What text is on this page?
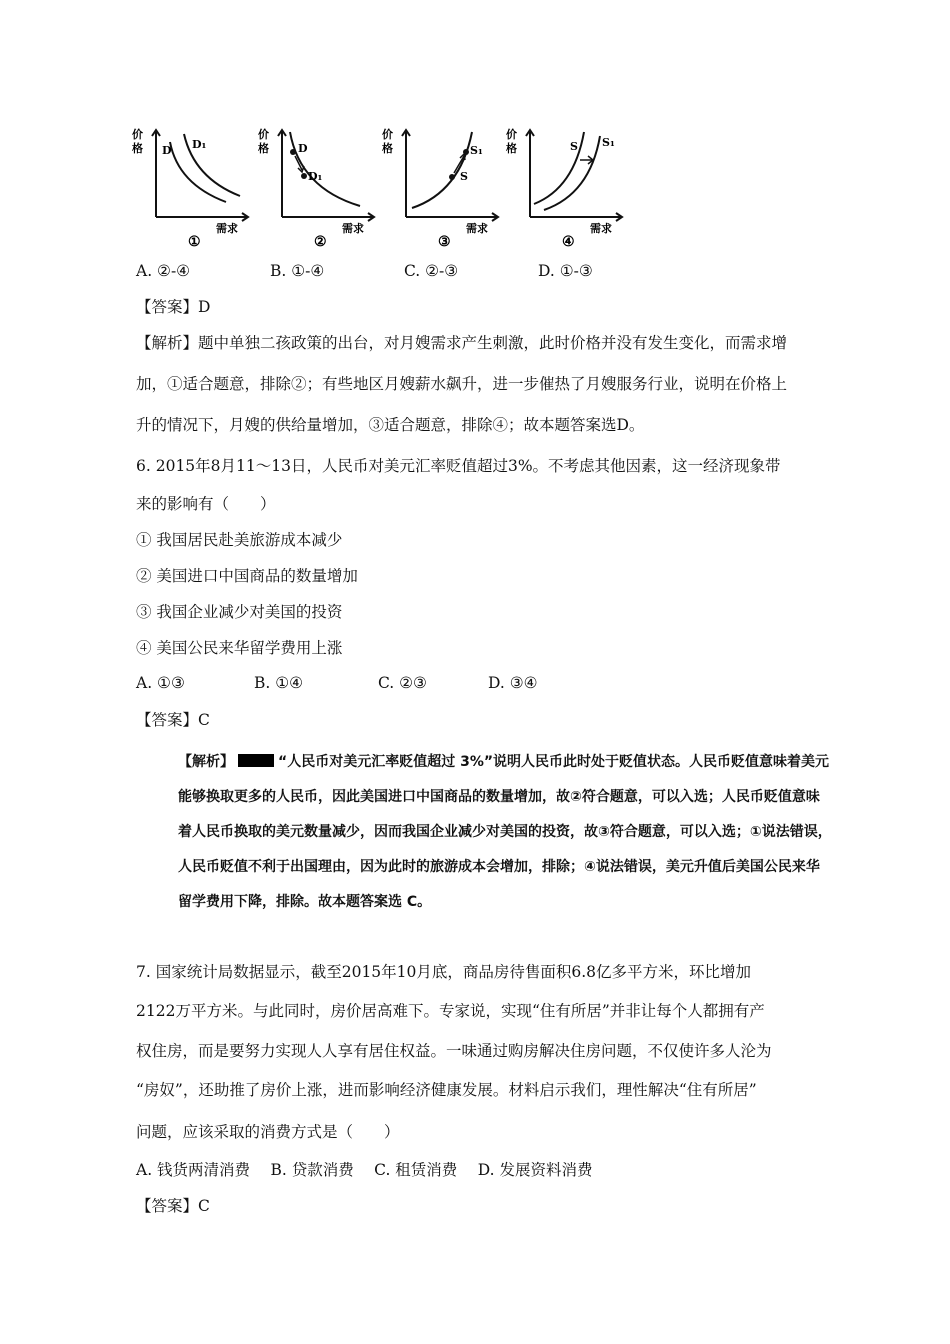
价
格 D D₁
需求
①
价
格	D
D₁
需求
②
价
格	S₁
S
需求
③
价
格	S S₁
需求
④
A. ②-④	B. ①-④	C. ②-③	D. ①-③
【答案】D
【解析】题中单独二孩政策的出台，对月嫂需求产生刺激，此时价格并没有发生变化，而需求增
加，①适合题意，排除②；有些地区月嫂薪水飙升，进一步催热了月嫂服务行业，说明在价格上
升的情况下，月嫂的供给量增加，③适合题意，排除④；故本题答案选D。
6. 2015年8月11～13日，人民币对美元汇率贬值超过3%。不考虑其他因素，这一经济现象带
来的影响有（　　）
① 我国居民赴美旅游成本减少
② 美国进口中国商品的数量增加
③ 我国企业减少对美国的投资
④ 美国公民来华留学费用上涨
A. ①③	B. ①④	C. ②③	D. ③④
【答案】C
【解析】	“人民币对美元汇率贬值超过 3%”说明人民币此时处于贬值状态。人民币贬值意味着美元
能够换取更多的人民币，因此美国进口中国商品的数量增加，故②符合题意，可以入选；人民币贬值意味
着人民币换取的美元数量减少，因而我国企业减少对美国的投资，故③符合题意，可以入选；①说法错误，
人民币贬值不利于出国理由，因为此时的旅游成本会增加，排除；④说法错误，美元升值后美国公民来华
留学费用下降，排除。故本题答案选 C。
7. 国家统计局数据显示，截至2015年10月底，商品房待售面积6.8亿多平方米，环比增加
2122万平方米。与此同时，房价居高难下。专家说，实现“住有所居”并非让每个人都拥有产
权住房，而是要努力实现人人享有居住权益。一味通过购房解决住房问题，不仅使许多人沦为
“房奴”，还助推了房价上涨，进而影响经济健康发展。材料启示我们，理性解决“住有所居”
问题，应该采取的消费方式是（　　）
A. 钱货两清消费　 B. 贷款消费　 C. 租赁消费　 D. 发展资料消费
【答案】C
